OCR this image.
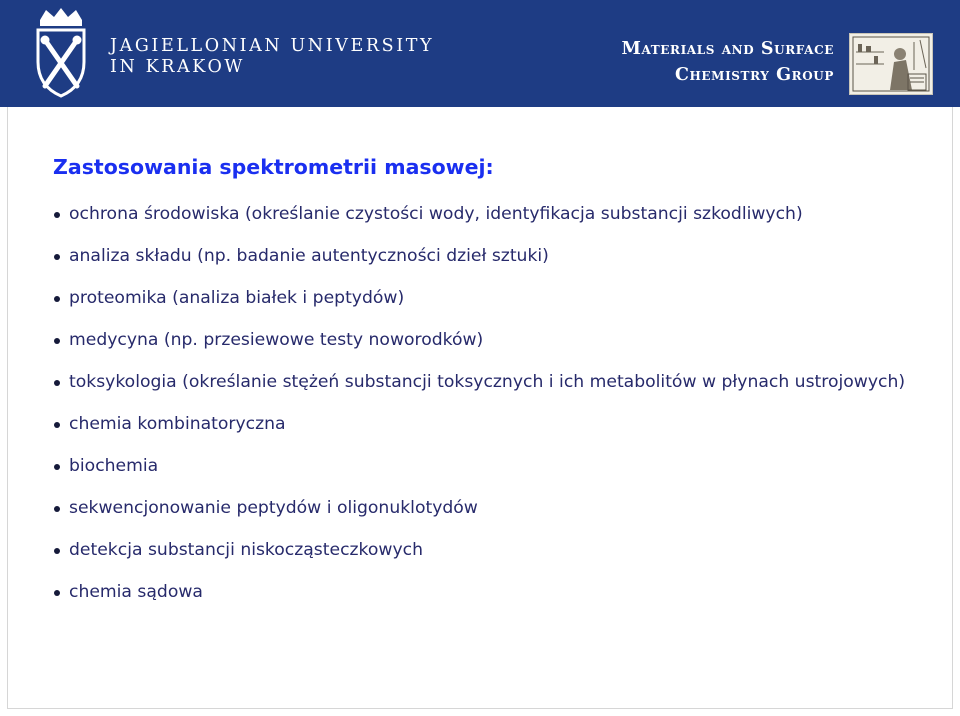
JAGIELLONIAN UNIVERSITY
IN KRAKOW
Materials and Surface
Chemistry Group
Zastosowania spektrometrii masowej:
ochrona środowiska (określanie czystości wody, identyfikacja substancji szkodliwych)
analiza składu (np. badanie autentyczności dzieł sztuki)
proteomika (analiza białek i peptydów)
medycyna (np. przesiewowe testy noworodków)
toksykologia (określanie stężeń substancji toksycznych i ich metabolitów w płynach ustrojowych)
chemia kombinatoryczna
biochemia
sekwencjonowanie peptydów i oligonuklotydów
detekcja substancji niskocząsteczkowych
chemia sądowa
